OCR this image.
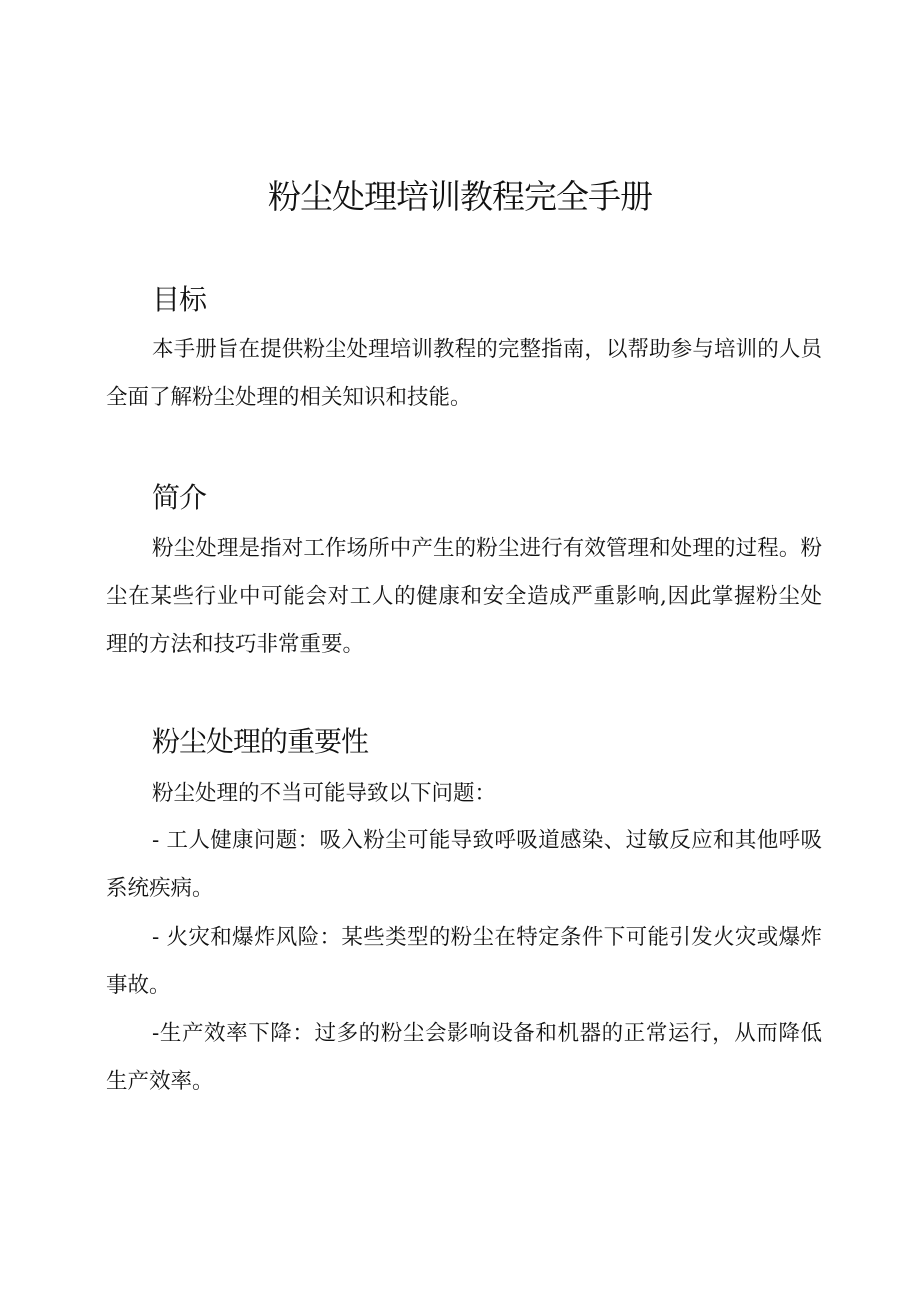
粉尘处理培训教程完全手册
目标

本手册旨在提供粉尘处理培训教程的完整指南，以帮助参与培训的人员全面了解粉尘处理的相关知识和技能。

简介

粉尘处理是指对工作场所中产生的粉尘进行有效管理和处理的过程。粉尘在某些行业中可能会对工人的健康和安全造成严重影响,因此掌握粉尘处理的方法和技巧非常重要。

粉尘处理的重要性

粉尘处理的不当可能导致以下问题：

- 工人健康问题：吸入粉尘可能导致呼吸道感染、过敏反应和其他呼吸系统疾病。

- 火灾和爆炸风险：某些类型的粉尘在特定条件下可能引发火灾或爆炸事故。

-生产效率下降：过多的粉尘会影响设备和机器的正常运行，从而降低生产效率。
